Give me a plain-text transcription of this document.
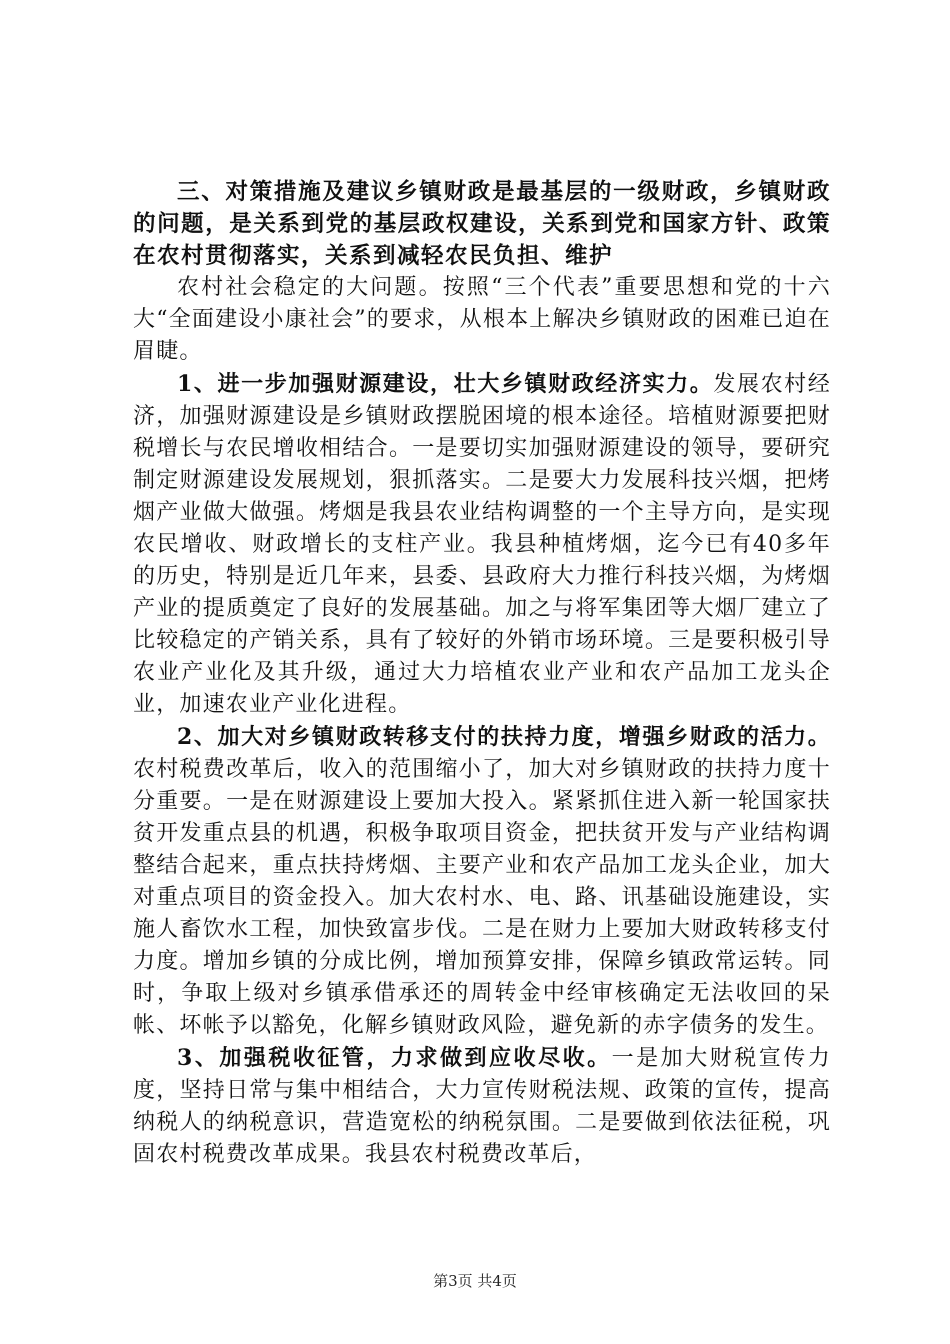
三、对策措施及建议乡镇财政是最基层的一级财政，乡镇财政的问题，是关系到党的基层政权建设，关系到党和国家方针、政策在农村贯彻落实，关系到减轻农民负担、维护

农村社会稳定的大问题。按照“三个代表”重要思想和党的十六大“全面建设小康社会”的要求，从根本上解决乡镇财政的困难已迫在眉睫。

1、进一步加强财源建设，壮大乡镇财政经济实力。发展农村经济，加强财源建设是乡镇财政摆脱困境的根本途径。培植财源要把财税增长与农民增收相结合。一是要切实加强财源建设的领导，要研究制定财源建设发展规划，狠抓落实。二是要大力发展科技兴烟，把烤烟产业做大做强。烤烟是我县农业结构调整的一个主导方向，是实现农民增收、财政增长的支柱产业。我县种植烤烟，迄今已有40多年的历史，特别是近几年来，县委、县政府大力推行科技兴烟，为烤烟产业的提质奠定了良好的发展基础。加之与将军集团等大烟厂建立了比较稳定的产销关系，具有了较好的外销市场环境。三是要积极引导农业产业化及其升级，通过大力培植农业产业和农产品加工龙头企业，加速农业产业化进程。

2、加大对乡镇财政转移支付的扶持力度，增强乡财政的活力。农村税费改革后，收入的范围缩小了，加大对乡镇财政的扶持力度十分重要。一是在财源建设上要加大投入。紧紧抓住进入新一轮国家扶贫开发重点县的机遇，积极争取项目资金，把扶贫开发与产业结构调整结合起来，重点扶持烤烟、主要产业和农产品加工龙头企业，加大对重点项目的资金投入。加大农村水、电、路、讯基础设施建设，实施人畜饮水工程，加快致富步伐。二是在财力上要加大财政转移支付力度。增加乡镇的分成比例，增加预算安排，保障乡镇政常运转。同时，争取上级对乡镇承借承还的周转金中经审核确定无法收回的呆帐、坏帐予以豁免，化解乡镇财政风险，避免新的赤字债务的发生。

3、加强税收征管，力求做到应收尽收。一是加大财税宣传力度，坚持日常与集中相结合，大力宣传财税法规、政策的宣传，提高纳税人的纳税意识，营造宽松的纳税氛围。二是要做到依法征税，巩固农村税费改革成果。我县农村税费改革后，

第3页 共4页
